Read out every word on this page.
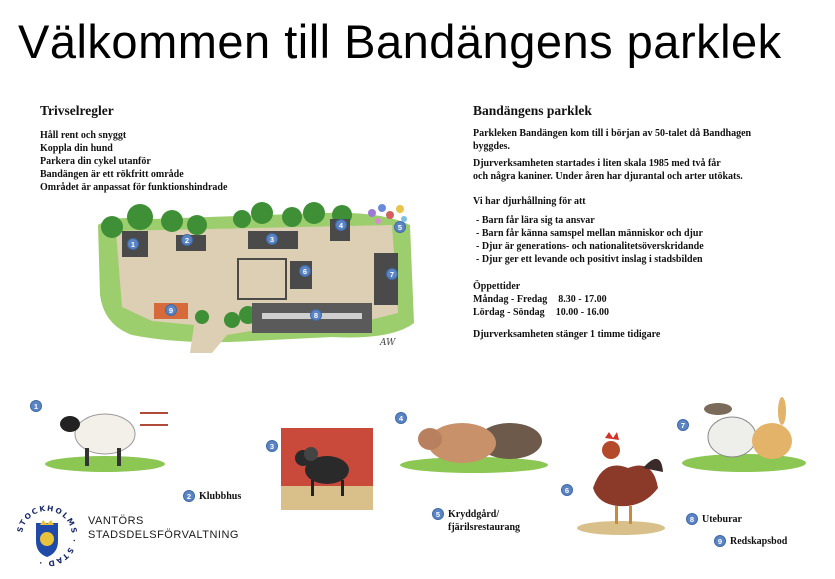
Välkommen till Bandängens parklek
Trivselregler
Håll rent och snyggt
Koppla din hund
Parkera din cykel utanför
Bandängen är ett rökfritt område
Området är anpassat för funktionshindrade
Bandängens parklek
Parkleken Bandängen kom till i början av 50-talet då Bandhagen
byggdes.
Djurverksamheten startades i liten skala 1985 med två får
och några kaniner. Under åren har djurantal och arter utökats.
Vi har djurhållning för att
- Barn får lära sig ta ansvar
- Barn får känna samspel mellan människor och djur
- Djur är generations- och nationalitetsöverskridande
- Djur ger ett levande och positivt inslag i stadsbilden
Öppettider
Måndag - Fredag 8.30 - 17.00
Lördag - Söndag 10.00 - 16.00
Djurverksamheten stänger 1 timme tidigare
AW
1	2	3
4	5
6	7
8
9
1
3
4
6
7
2 Klubbhus
5 Kryddgård/
fjärilsrestaurang
8 Uteburar
9 Redskapsbod
STOCKHOLMS · STAD ·
VANTÖRS
STADSDELSFÖRVALTNING
